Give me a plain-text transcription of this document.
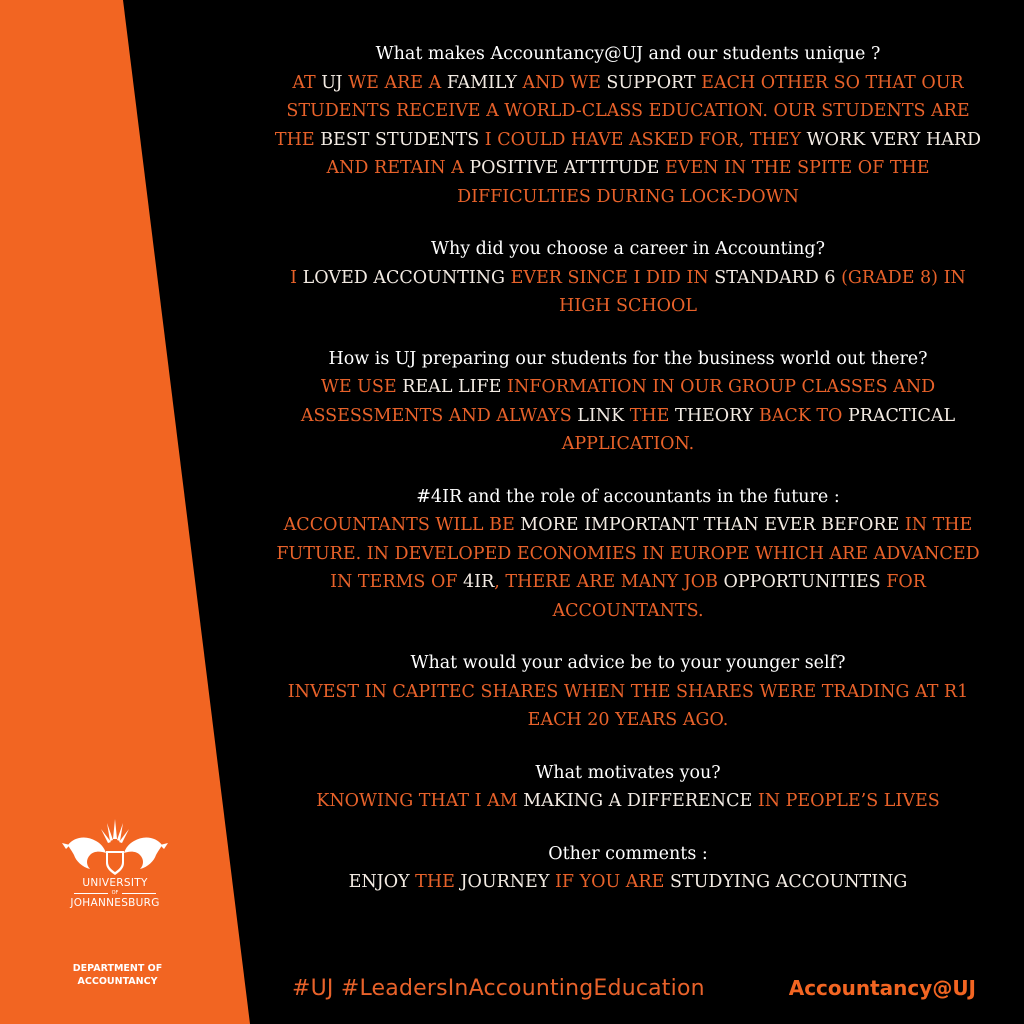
UNIVERSITY
OF
JOHANNESBURG
DEPARTMENT OF
ACCOUNTANCY

What makes Accountancy@UJ and our students unique ?

AT UJ WE ARE A FAMILY AND WE SUPPORT EACH OTHER SO THAT OUR STUDENTS RECEIVE A WORLD-CLASS EDUCATION. OUR STUDENTS ARE THE BEST STUDENTS I COULD HAVE ASKED FOR, THEY WORK VERY HARD AND RETAIN A POSITIVE ATTITUDE EVEN IN THE SPITE OF THE DIFFICULTIES DURING LOCK-DOWN

Why did you choose a career in Accounting?

I LOVED ACCOUNTING EVER SINCE I DID IN STANDARD 6 (GRADE 8) IN HIGH SCHOOL

How is UJ preparing our students for the business world out there?

WE USE REAL LIFE INFORMATION IN OUR GROUP CLASSES AND ASSESSMENTS AND ALWAYS LINK THE THEORY BACK TO PRACTICAL APPLICATION.

#4IR and the role of accountants in the future :

ACCOUNTANTS WILL BE MORE IMPORTANT THAN EVER BEFORE IN THE FUTURE. IN DEVELOPED ECONOMIES IN EUROPE WHICH ARE ADVANCED IN TERMS OF 4IR, THERE ARE MANY JOB OPPORTUNITIES FOR ACCOUNTANTS.

What would your advice be to your younger self?

INVEST IN CAPITEC SHARES WHEN THE SHARES WERE TRADING AT R1 EACH 20 YEARS AGO.

What motivates you?

KNOWING THAT I AM MAKING A DIFFERENCE IN PEOPLE’S LIVES

Other comments :

ENJOY THE JOURNEY IF YOU ARE STUDYING ACCOUNTING

#UJ #LeadersInAccountingEducation	Accountancy@UJ
